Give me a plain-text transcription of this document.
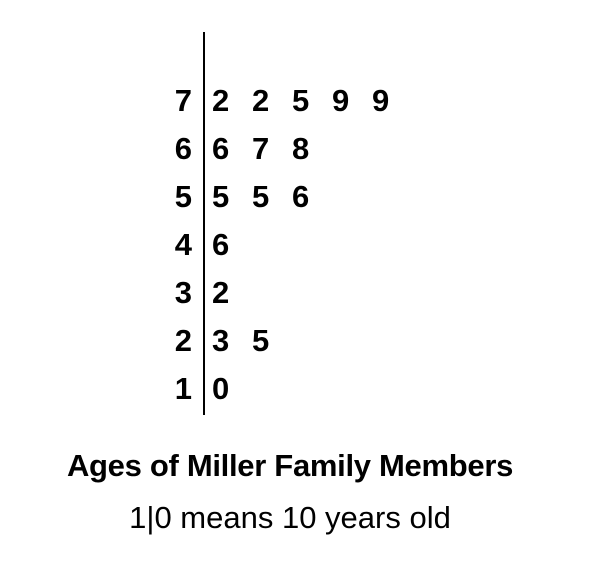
7 2 2 5 9 9
6 6 7 8
5 5 5 6
4 6
3 2
2 3 5
1 0
Ages of Miller Family Members
1|0 means 10 years old
